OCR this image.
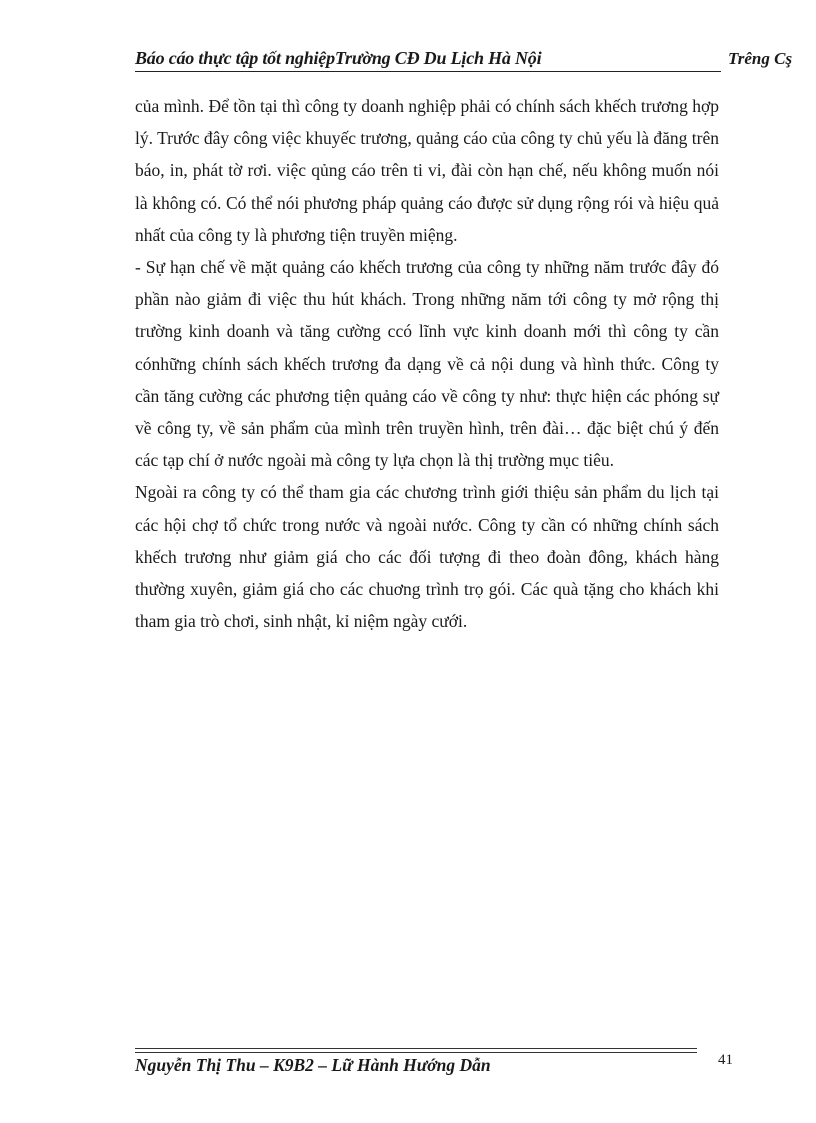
Báo cáo thực tập tốt nghiệpTrường CĐ Du Lịch Hà Nội	Trêng Cş

của mình. Để tồn tại thì công ty doanh nghiệp phải có chính sách khếch trương hợp lý. Trước đây công việc khuyếc trương, quảng cáo của công ty chủ yếu là đăng trên báo, in, phát tờ rơi. việc qủng cáo trên ti vi, đài còn hạn chế, nếu không muốn nói là không có. Có thể nói phương pháp quảng cáo được sử dụng rộng rói và hiệu quả nhất của công ty là phương tiện truyền miệng.

- Sự hạn chế về mặt quảng cáo khếch trương của công ty những năm trước đây đó phần nào giảm đi việc thu hút khách. Trong những năm tới công ty mở rộng thị trường kinh doanh và tăng cường ccó lĩnh vực kinh doanh mới thì công ty cần cónhững chính sách khếch trương đa dạng về cả nội dung và hình thức. Công ty cần tăng cường các phương tiện quảng cáo về công ty như: thực hiện các phóng sự về công ty, về sản phẩm của mình trên truyền hình, trên đài… đặc biệt chú ý đến các tạp chí ở nước ngoài mà công ty lựa chọn là thị trường mục tiêu.

Ngoài ra công ty có thể tham gia các chương trình giới thiệu sản phẩm du lịch tại các hội chợ tổ chức trong nước và ngoài nước. Công ty cần có những chính sách khếch trương như giảm giá cho các đối tượng đi theo đoàn đông, khách hàng thường xuyên, giảm giá cho các chuơng trình trọ gói. Các quà tặng cho khách khi tham gia trò chơi, sinh nhật, kỉ niệm ngày cưới.

Nguyễn Thị Thu – K9B2 – Lữ Hành Hướng Dẫn	41
